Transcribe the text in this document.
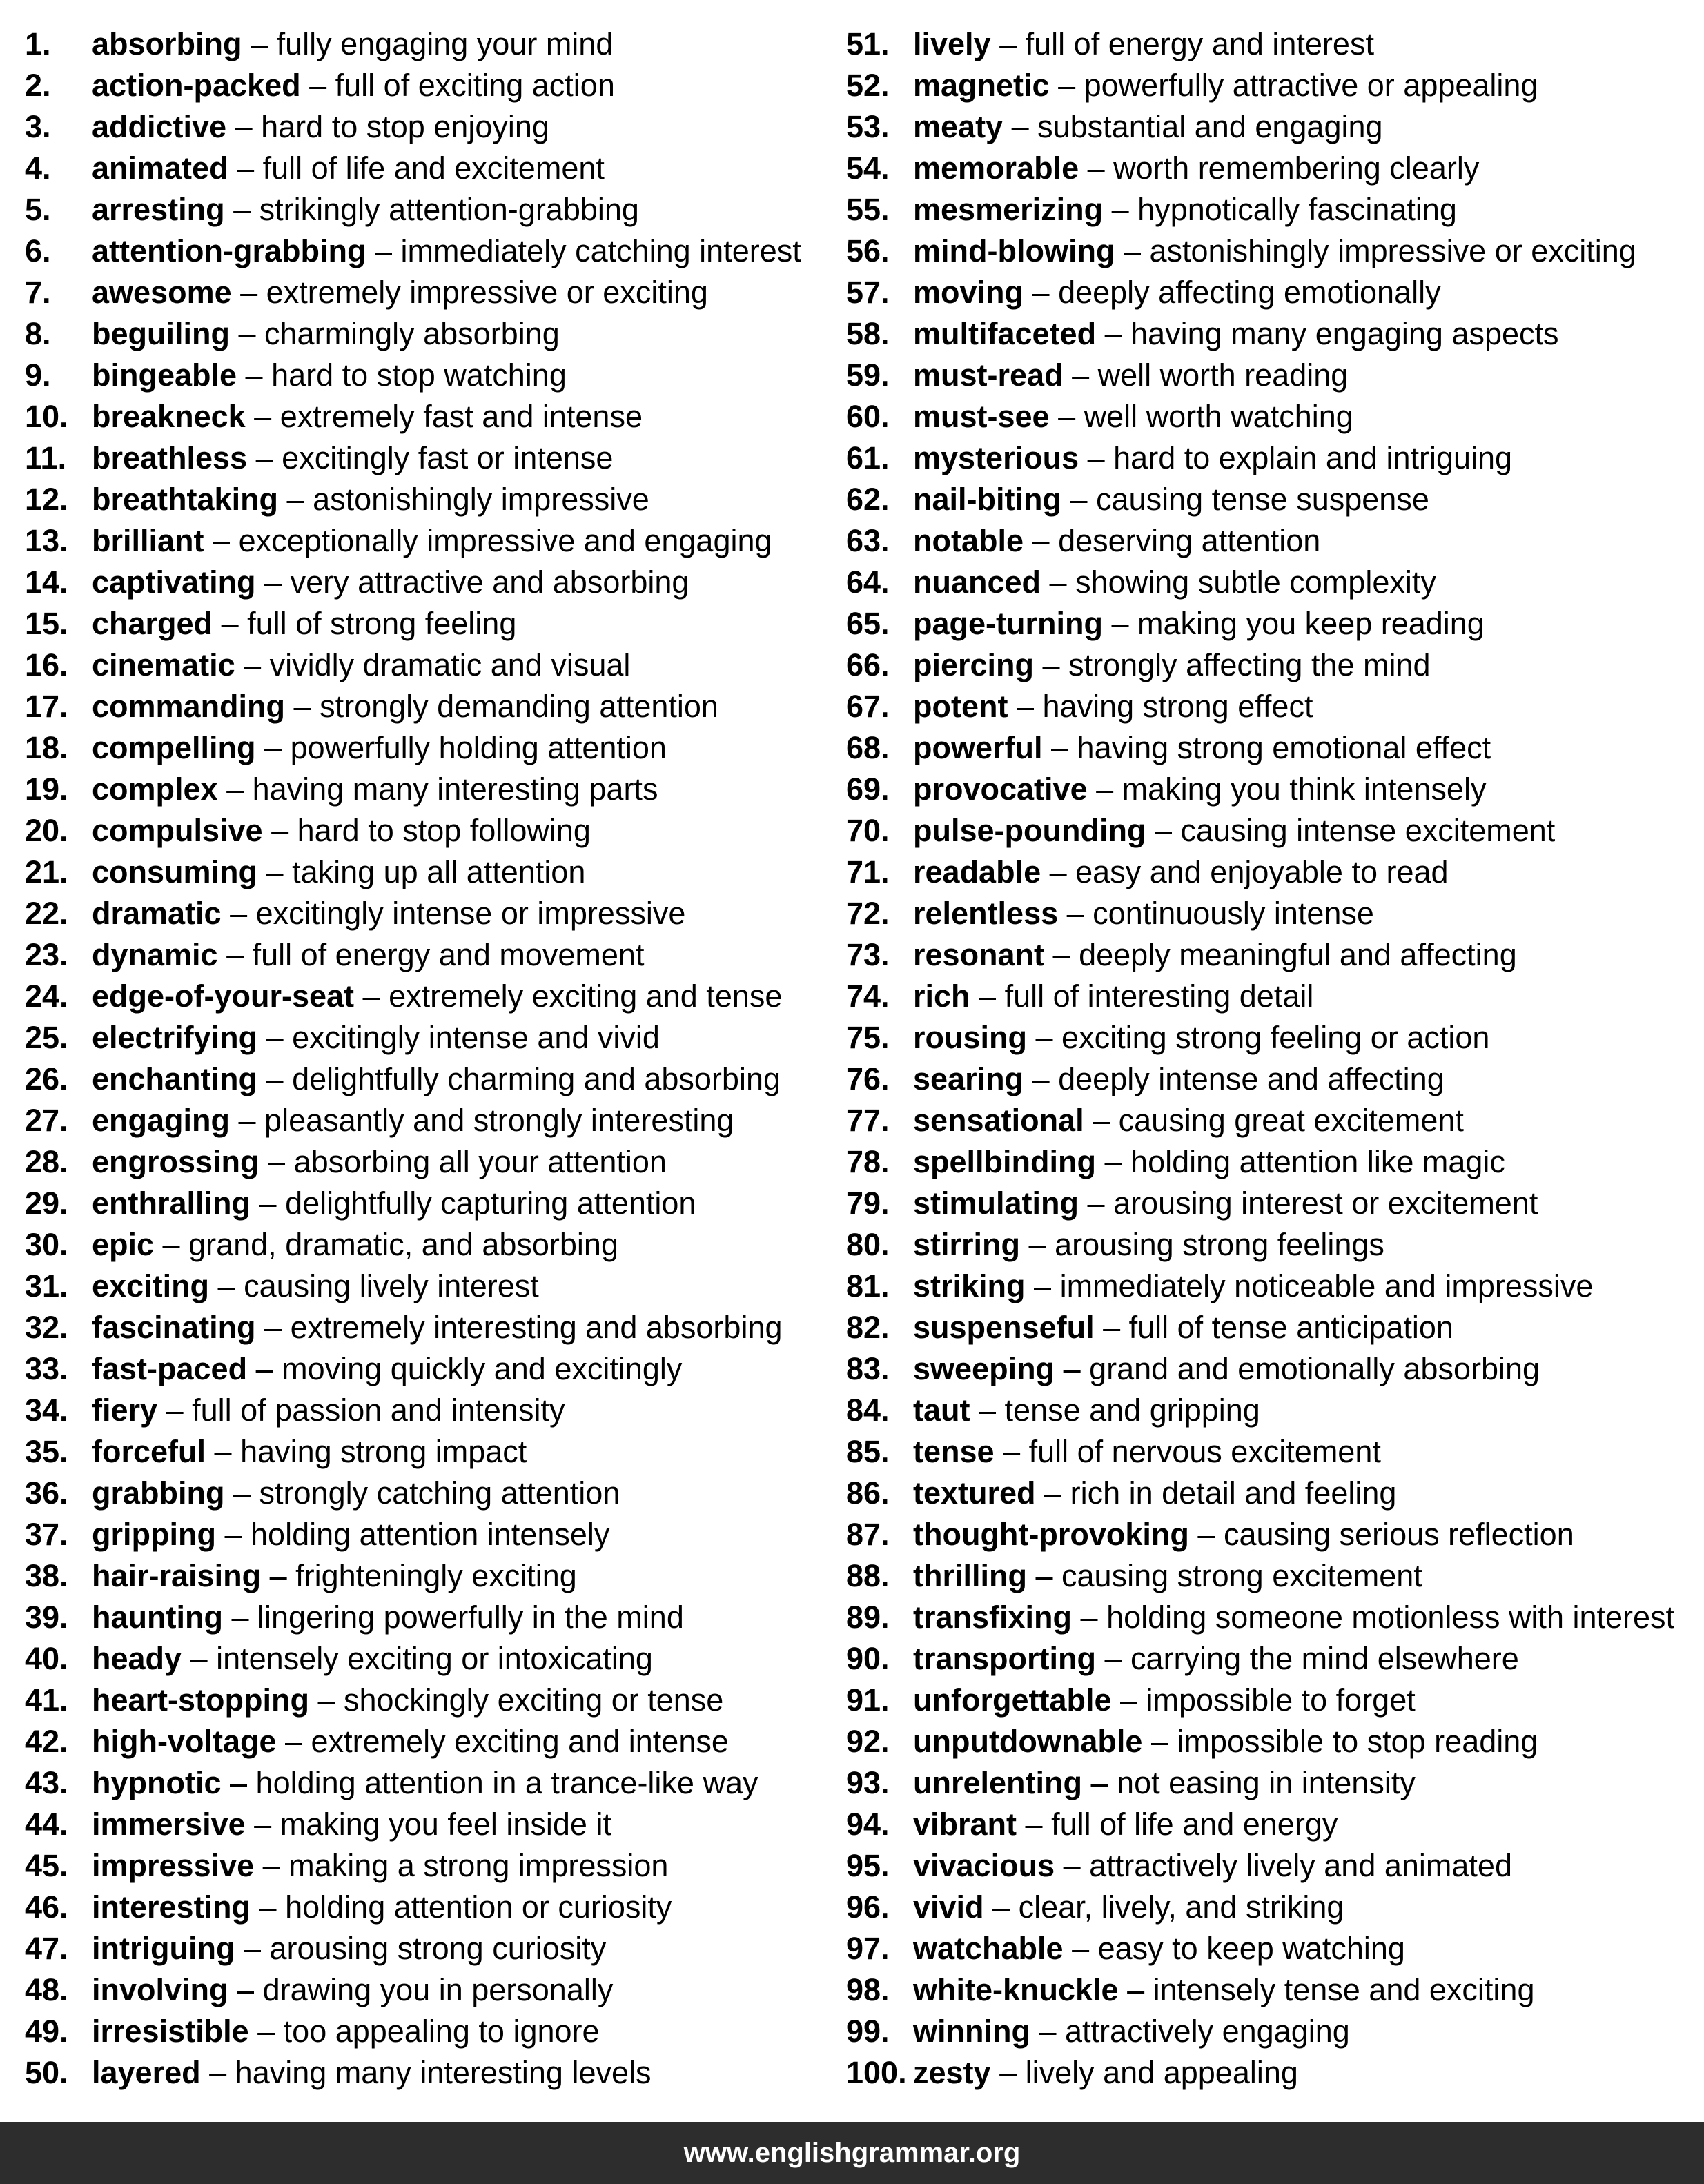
1.	absorbing – fully engaging your mind
2.	action-packed – full of exciting action
3.	addictive – hard to stop enjoying
4.	animated – full of life and excitement
5.	arresting – strikingly attention-grabbing
6.	attention-grabbing – immediately catching interest
7.	awesome – extremely impressive or exciting
8.	beguiling – charmingly absorbing
9.	bingeable – hard to stop watching
10. breakneck – extremely fast and intense
11. breathless – excitingly fast or intense
12. breathtaking – astonishingly impressive
13. brilliant – exceptionally impressive and engaging
14. captivating – very attractive and absorbing
15. charged – full of strong feeling
16. cinematic – vividly dramatic and visual
17. commanding – strongly demanding attention
18. compelling – powerfully holding attention
19. complex – having many interesting parts
20. compulsive – hard to stop following
21. consuming – taking up all attention
22. dramatic – excitingly intense or impressive
23. dynamic – full of energy and movement
24. edge-of-your-seat – extremely exciting and tense
25. electrifying – excitingly intense and vivid
26. enchanting – delightfully charming and absorbing
27. engaging – pleasantly and strongly interesting
28. engrossing – absorbing all your attention
29. enthralling – delightfully capturing attention
30. epic – grand, dramatic, and absorbing
31. exciting – causing lively interest
32. fascinating – extremely interesting and absorbing
33. fast-paced – moving quickly and excitingly
34. fiery – full of passion and intensity
35. forceful – having strong impact
36. grabbing – strongly catching attention
37. gripping – holding attention intensely
38. hair-raising – frighteningly exciting
39. haunting – lingering powerfully in the mind
40. heady – intensely exciting or intoxicating
41. heart-stopping – shockingly exciting or tense
42. high-voltage – extremely exciting and intense
43. hypnotic – holding attention in a trance-like way
44. immersive – making you feel inside it
45. impressive – making a strong impression
46. interesting – holding attention or curiosity
47. intriguing – arousing strong curiosity
48. involving – drawing you in personally
49. irresistible – too appealing to ignore
50. layered – having many interesting levels
51. lively – full of energy and interest
52. magnetic – powerfully attractive or appealing
53. meaty – substantial and engaging
54. memorable – worth remembering clearly
55. mesmerizing – hypnotically fascinating
56. mind-blowing – astonishingly impressive or exciting
57. moving – deeply affecting emotionally
58. multifaceted – having many engaging aspects
59. must-read – well worth reading
60. must-see – well worth watching
61. mysterious – hard to explain and intriguing
62. nail-biting – causing tense suspense
63. notable – deserving attention
64. nuanced – showing subtle complexity
65. page-turning – making you keep reading
66. piercing – strongly affecting the mind
67. potent – having strong effect
68. powerful – having strong emotional effect
69. provocative – making you think intensely
70. pulse-pounding – causing intense excitement
71. readable – easy and enjoyable to read
72. relentless – continuously intense
73. resonant – deeply meaningful and affecting
74. rich – full of interesting detail
75. rousing – exciting strong feeling or action
76. searing – deeply intense and affecting
77. sensational – causing great excitement
78. spellbinding – holding attention like magic
79. stimulating – arousing interest or excitement
80. stirring – arousing strong feelings
81. striking – immediately noticeable and impressive
82. suspenseful – full of tense anticipation
83. sweeping – grand and emotionally absorbing
84. taut – tense and gripping
85. tense – full of nervous excitement
86. textured – rich in detail and feeling
87. thought-provoking – causing serious reflection
88. thrilling – causing strong excitement
89. transfixing – holding someone motionless with interest
90. transporting – carrying the mind elsewhere
91. unforgettable – impossible to forget
92. unputdownable – impossible to stop reading
93. unrelenting – not easing in intensity
94. vibrant – full of life and energy
95. vivacious – attractively lively and animated
96. vivid – clear, lively, and striking
97. watchable – easy to keep watching
98. white-knuckle – intensely tense and exciting
99. winning – attractively engaging
100. zesty – lively and appealing
www.englishgrammar.org
